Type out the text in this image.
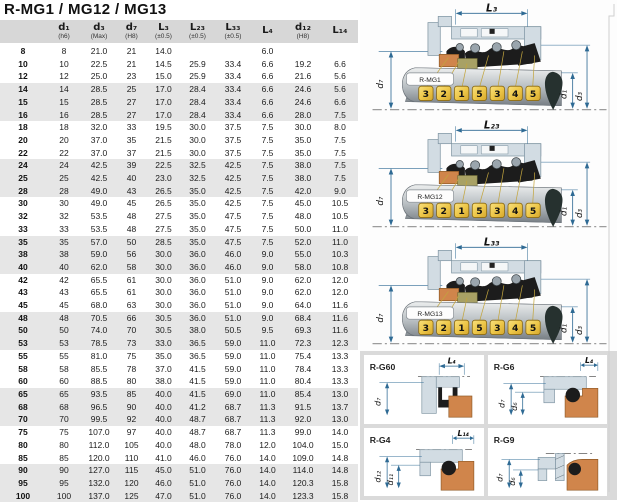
R-MG1 / MG12 / MG13

d₁
(h6)

d₃
(Max)

d₇
(H8)

L₃
(±0.5)

L₂₃
(±0.5)

L₃₃
(±0.5)

L₄	d₁₂
(H8)

L₁₄

8	8	21.0	21	14.0			6.0		
10	10	22.5	21	14.5	25.9	33.4	6.6	19.2	6.6
12	12	25.0	23	15.0	25.9	33.4	6.6	21.6	5.6
14	14	28.5	25	17.0	28.4	33.4	6.6	24.6	5.6
15	15	28.5	27	17.0	28.4	33.4	6.6	24.6	6.6
16	16	28.5	27	17.0	28.4	33.4	6.6	28.0	7.5
18	18	32.0	33	19.5	30.0	37.5	7.5	30.0	8.0
20	20	37.0	35	21.5	30.0	37.5	7.5	35.0	7.5
22	22	37.0	37	21.5	30.0	37.5	7.5	35.0	7.5
24	24	42.5	39	22.5	32.5	42.5	7.5	38.0	7.5
25	25	42.5	40	23.0	32.5	42.5	7.5	38.0	7.5
28	28	49.0	43	26.5	35.0	42.5	7.5	42.0	9.0
30	30	49.0	45	26.5	35.0	42.5	7.5	45.0	10.5
32	32	53.5	48	27.5	35.0	47.5	7.5	48.0	10.5
33	33	53.5	48	27.5	35.0	47.5	7.5	50.0	11.0
35	35	57.0	50	28.5	35.0	47.5	7.5	52.0	11.0
38	38	59.0	56	30.0	36.0	46.0	9.0	55.0	10.3
40	40	62.0	58	30.0	36.0	46.0	9.0	58.0	10.8
42	42	65.5	61	30.0	36.0	51.0	9.0	62.0	12.0
43	43	65.5	61	30.0	36.0	51.0	9.0	62.0	12.0
45	45	68.0	63	30.0	36.0	51.0	9.0	64.0	11.6
48	48	70.5	66	30.5	36.0	51.0	9.0	68.4	11.6
50	50	74.0	70	30.5	38.0	50.5	9.5	69.3	11.6
53	53	78.5	73	33.0	36.5	59.0	11.0	72.3	12.3
55	55	81.0	75	35.0	36.5	59.0	11.0	75.4	13.3
58	58	85.5	78	37.0	41.5	59.0	11.0	78.4	13.3
60	60	88.5	80	38.0	41.5	59.0	11.0	80.4	13.3
65	65	93.5	85	40.0	41.5	69.0	11.0	85.4	13.0
68	68	96.5	90	40.0	41.2	68.7	11.3	91.5	13.7
70	70	99.5	92	40.0	48.7	68.7	11.3	92.0	13.0
75	75	107.0	97	40.0	48.7	68.7	11.3	99.0	14.0
80	80	112.0	105	40.0	48.0	78.0	12.0	104.0	15.0
85	85	120.0	110	41.0	46.0	76.0	14.0	109.0	14.8
90	90	127.0	115	45.0	51.0	76.0	14.0	114.0	14.8
95	95	132.0	120	46.0	51.0	76.0	14.0	120.3	15.8
100	100	137.0	125	47.0	51.0	76.0	14.0	123.3	15.8
L₃
R-MG1
d₇
d₁ d₃
3 2 1 5 3 4 5
L₂₃
R-MG12
d₇
d₁ d₃
3 2 1 5 3 4 5
L₃₃
R-MG13
d₇
d₁ d₃
3 2 1 5 3 4 5
R-G60
L₄
d₇
R-G6
L₄
d₇ d₆
R-G4
L₁₄
d₁₂ d₁₁
R-G9
d₇ d₆
